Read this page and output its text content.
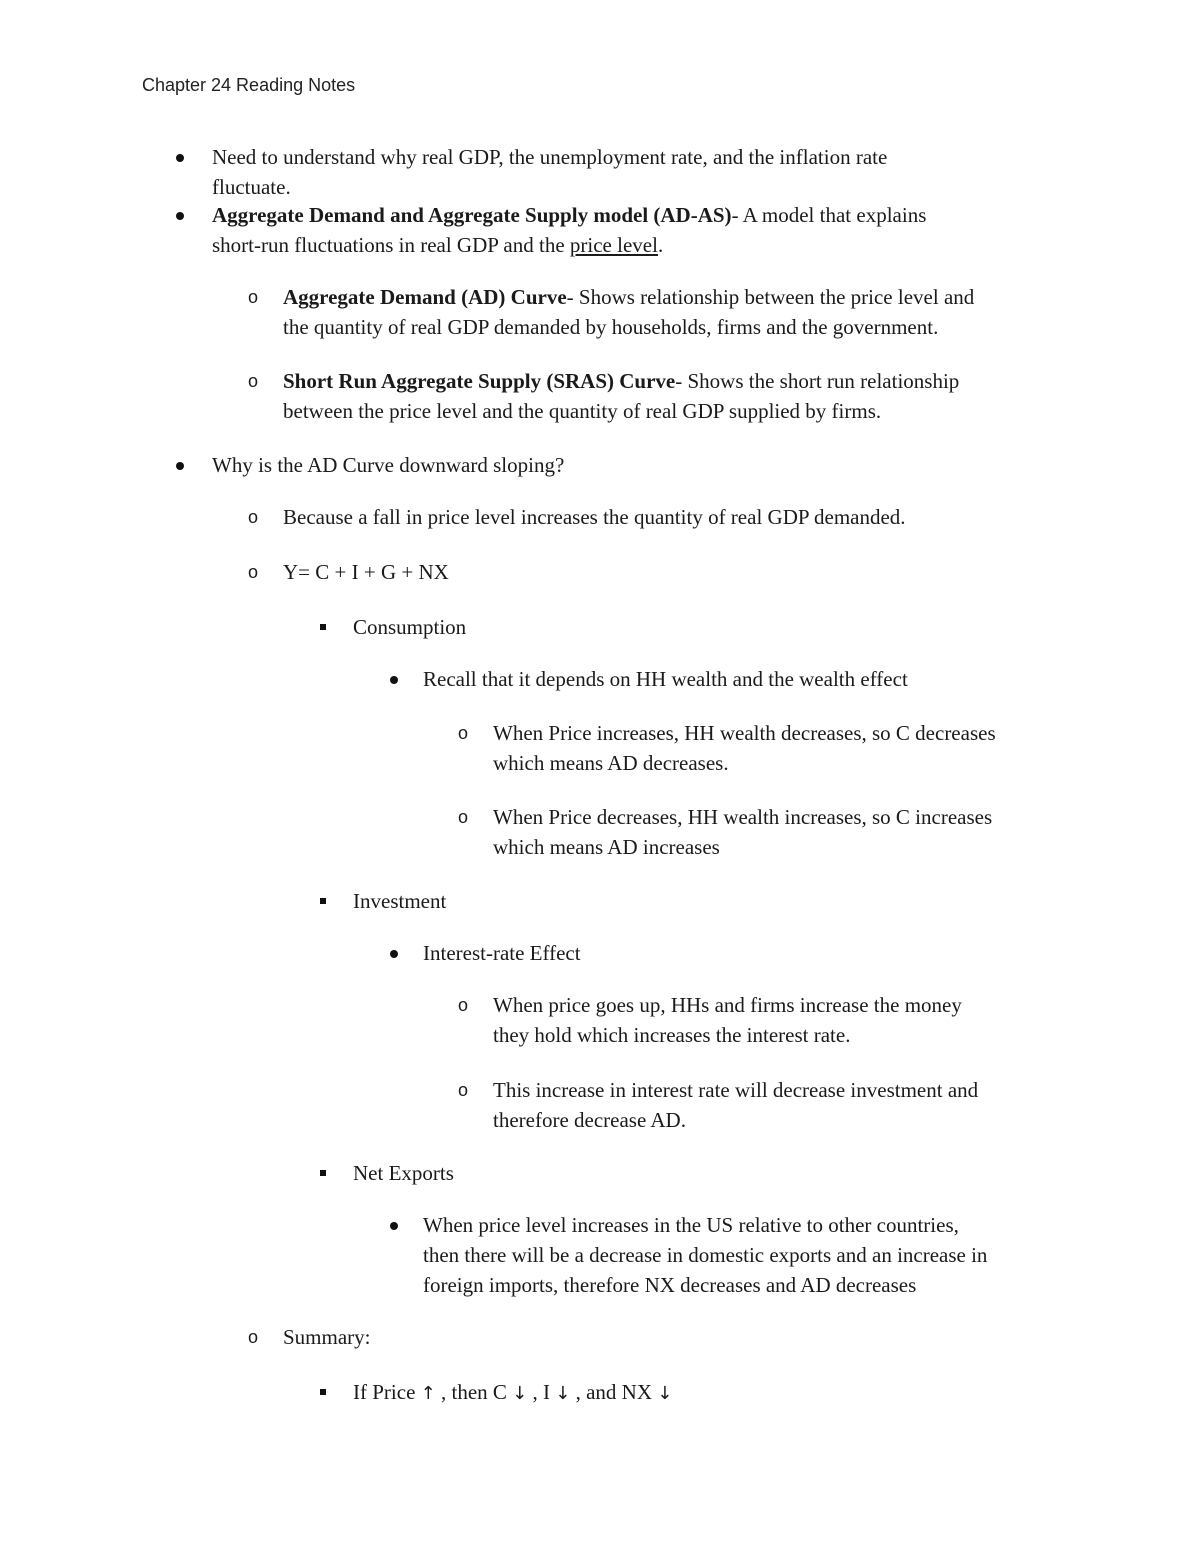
Chapter 24 Reading Notes
Need to understand why real GDP, the unemployment rate, and the inflation rate
fluctuate.
Aggregate Demand and Aggregate Supply model (AD-AS)- A model that explains
short-run fluctuations in real GDP and the price level.
o Aggregate Demand (AD) Curve- Shows relationship between the price level and
the quantity of real GDP demanded by households, firms and the government.
o Short Run Aggregate Supply (SRAS) Curve- Shows the short run relationship
between the price level and the quantity of real GDP supplied by firms.
Why is the AD Curve downward sloping?
o Because a fall in price level increases the quantity of real GDP demanded.
o Y= C + I + G + NX
Consumption
Recall that it depends on HH wealth and the wealth effect
o When Price increases, HH wealth decreases, so C decreases
which means AD decreases.
o When Price decreases, HH wealth increases, so C increases
which means AD increases
Investment
Interest-rate Effect
o When price goes up, HHs and firms increase the money
they hold which increases the interest rate.
o This increase in interest rate will decrease investment and
therefore decrease AD.
Net Exports
When price level increases in the US relative to other countries,
then there will be a decrease in domestic exports and an increase in
foreign imports, therefore NX decreases and AD decreases
o Summary:
If Price ↑ , then C ↓ , I ↓ , and NX ↓
